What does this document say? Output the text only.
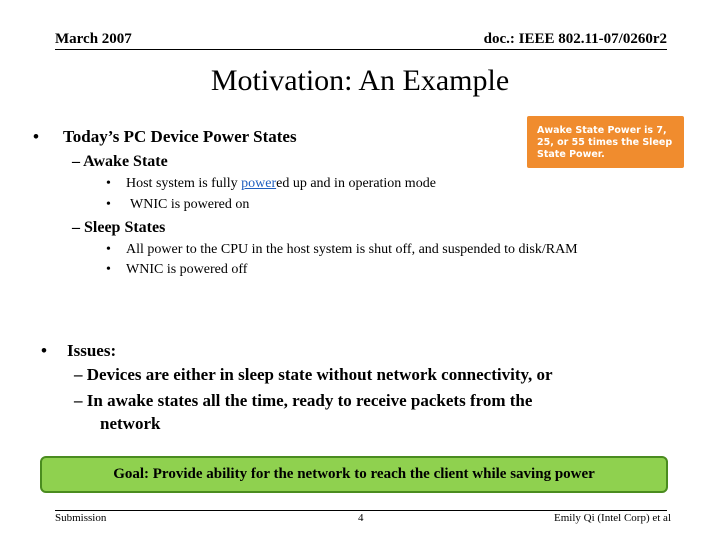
March 2007	doc.: IEEE 802.11-07/0260r2
Motivation: An Example
• Today’s PC Device Power States
– Awake State
• Host system is fully powered up and in operation mode
• WNIC is powered on
– Sleep States
• All power to the CPU in the host system is shut off, and suspended to disk/RAM
• WNIC is powered off
Awake State Power is 7, 25, or 55 times the Sleep State Power.
• Issues:
– Devices are either in sleep state without network connectivity, or
– In awake states all the time, ready to receive packets from the
network
Goal: Provide ability for the network to reach the client while saving power
Submission	4	Emily Qi (Intel Corp) et al
